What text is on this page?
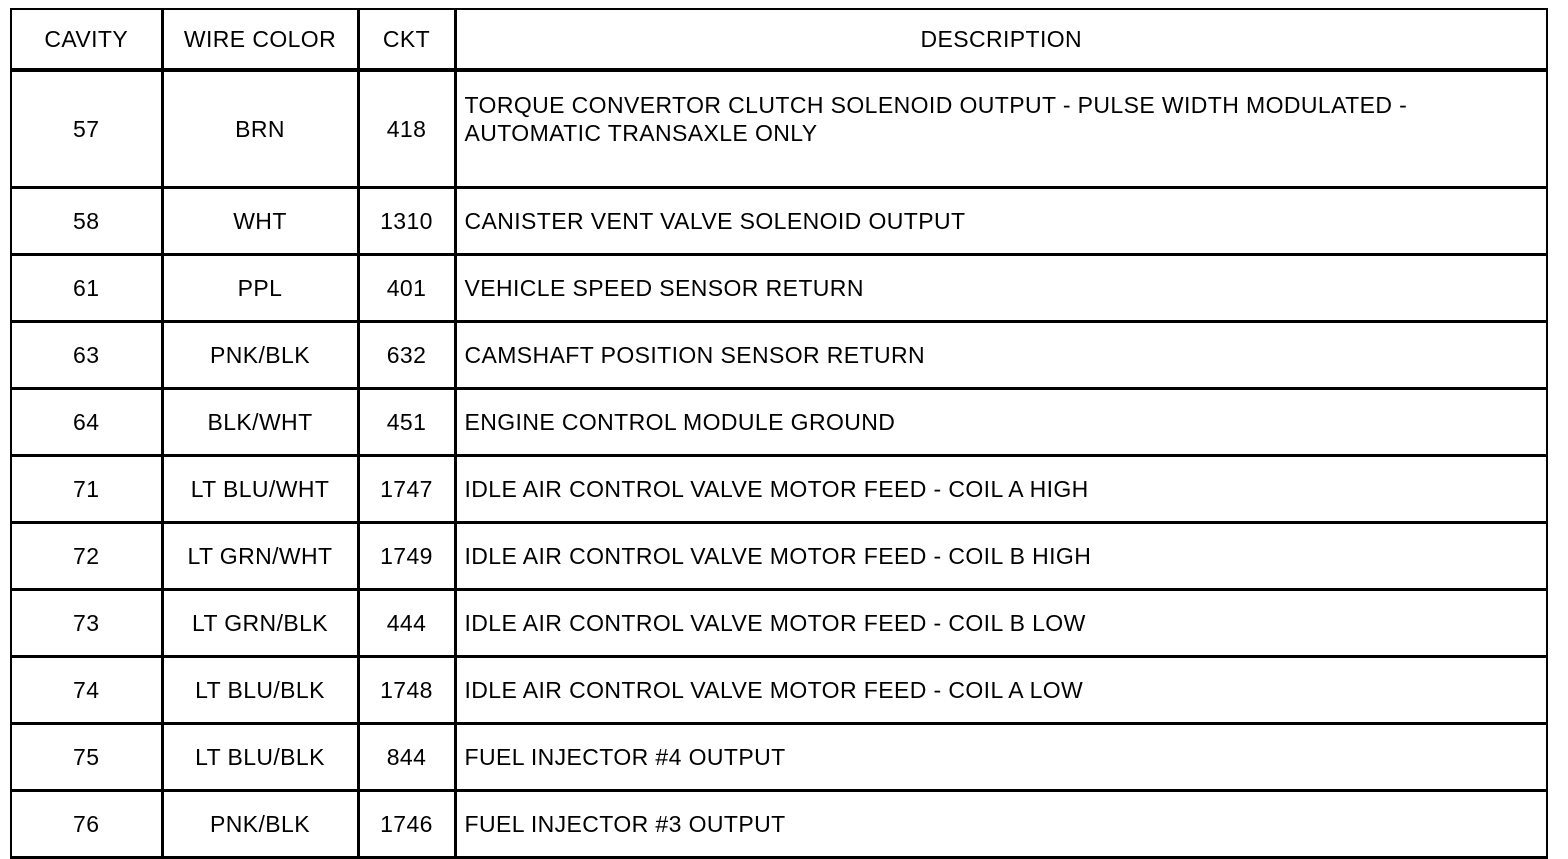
CAVITY	WIRE COLOR	CKT	DESCRIPTION
57	BRN	418	TORQUE CONVERTOR CLUTCH SOLENOID OUTPUT - PULSE WIDTH MODULATED - AUTOMATIC TRANSAXLE ONLY
58	WHT	1310	CANISTER VENT VALVE SOLENOID OUTPUT
61	PPL	401	VEHICLE SPEED SENSOR RETURN
63	PNK/BLK	632	CAMSHAFT POSITION SENSOR RETURN
64	BLK/WHT	451	ENGINE CONTROL MODULE GROUND
71	LT BLU/WHT	1747	IDLE AIR CONTROL VALVE MOTOR FEED - COIL A HIGH
72	LT GRN/WHT	1749	IDLE AIR CONTROL VALVE MOTOR FEED - COIL B HIGH
73	LT GRN/BLK	444	IDLE AIR CONTROL VALVE MOTOR FEED - COIL B LOW
74	LT BLU/BLK	1748	IDLE AIR CONTROL VALVE MOTOR FEED - COIL A LOW
75	LT BLU/BLK	844	FUEL INJECTOR #4 OUTPUT
76	PNK/BLK	1746	FUEL INJECTOR #3 OUTPUT
